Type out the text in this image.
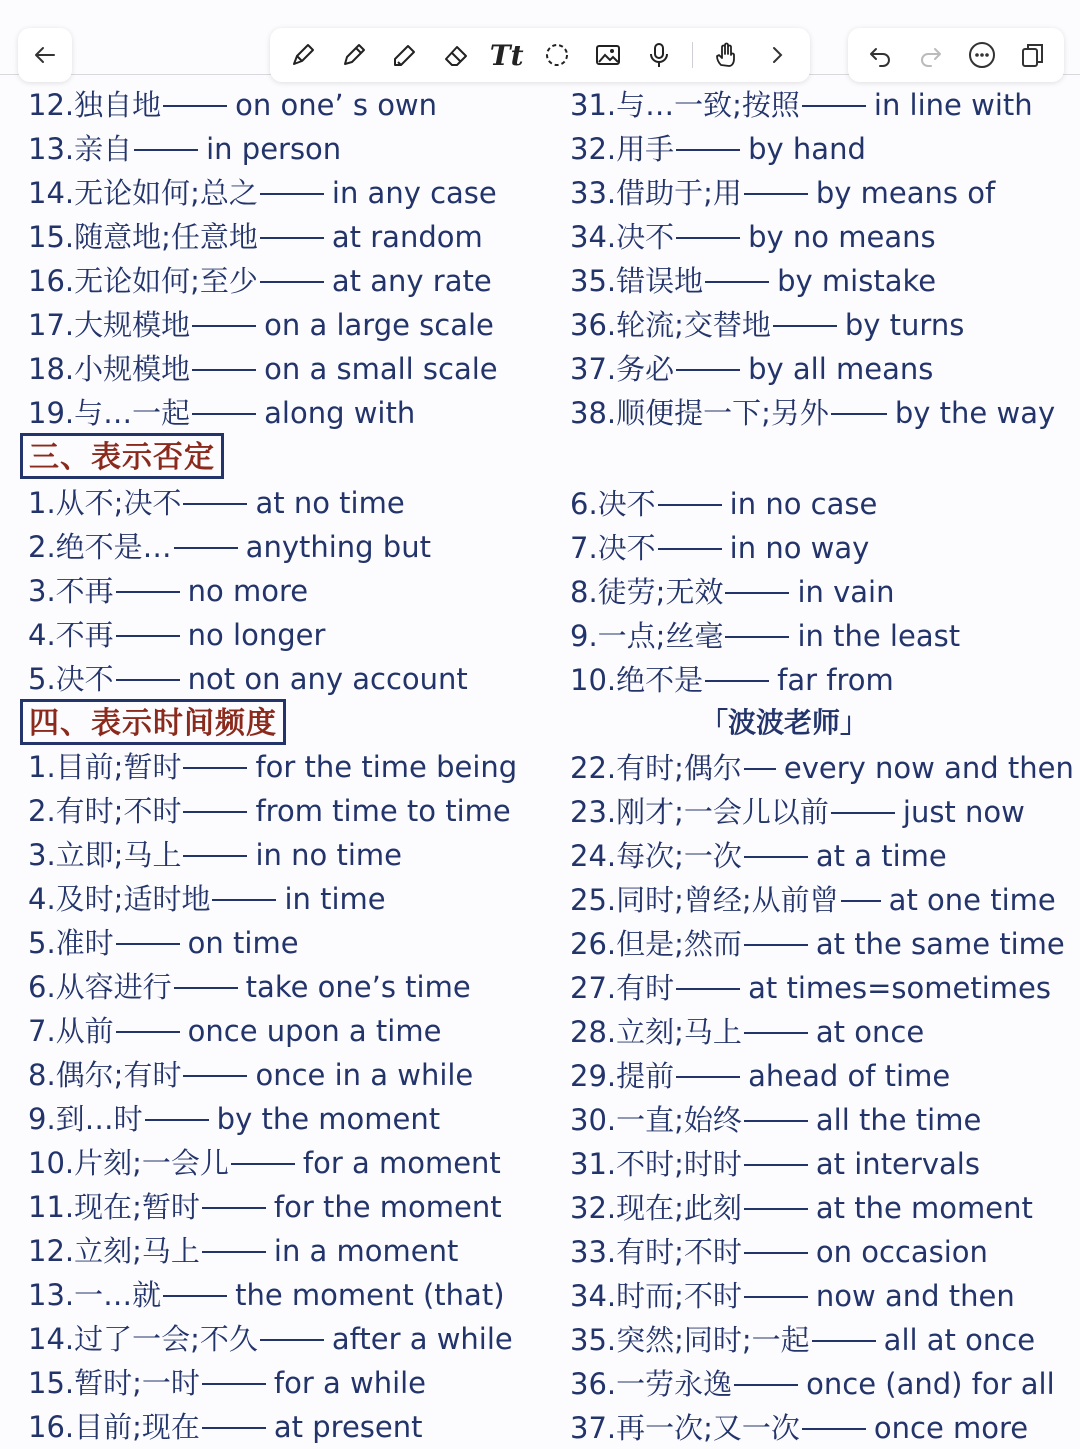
Tt
12.独自地	on one’ s own
13.亲自	in person
14.无论如何;总之	in any case
15.随意地;任意地	at random
16.无论如何;至少	at any rate
17.大规模地	on a large scale
18.小规模地	on a small scale
19.与…一起	along with
31.与…一致;按照	in line with
32.用手	by hand
33.借助于;用	by means of
34.决不	by no means
35.错误地	by mistake
36.轮流;交替地	by turns
37.务必	by all means
38.顺便提一下;另外 by the way
三、表示否定
1.从不;决不	at no time
2.绝不是…	anything but
3.不再	no more
4.不再	no longer
5.决不	not on any account
6.决不	in no case
7.决不	in no way
8.徒劳;无效	in vain
9.一点;丝毫	in the least
10.绝不是	far from
四、表示时间频度	「波波老师」
1.目前;暂时	for the time being
2.有时;不时	from time to time
3.立即;马上	in no time
4.及时;适时地	in time
5.准时	on time
6.从容进行	take one’s time
7.从前	once upon a time
8.偶尔;有时	once in a while
9.到…时	by the moment
10.片刻;一会儿	for a moment
11.现在;暂时	for the moment
12.立刻;马上	in a moment
13.一…就	the moment (that)
14.过了一会;不久	after a while
15.暂时;一时	for a while
16.目前;现在	at present
22.有时;偶尔 every now and then
23.刚才;一会儿以前	just now
24.每次;一次	at a time
25.同时;曾经;从前曾 at one time
26.但是;然而	at the same time
27.有时	at times=sometimes
28.立刻;马上	at once
29.提前	ahead of time
30.一直;始终	all the time
31.不时;时时	at intervals
32.现在;此刻	at the moment
33.有时;不时	on occasion
34.时而;不时	now and then
35.突然;同时;一起	all at once
36.一劳永逸	once (and) for all
37.再一次;又一次	once more
